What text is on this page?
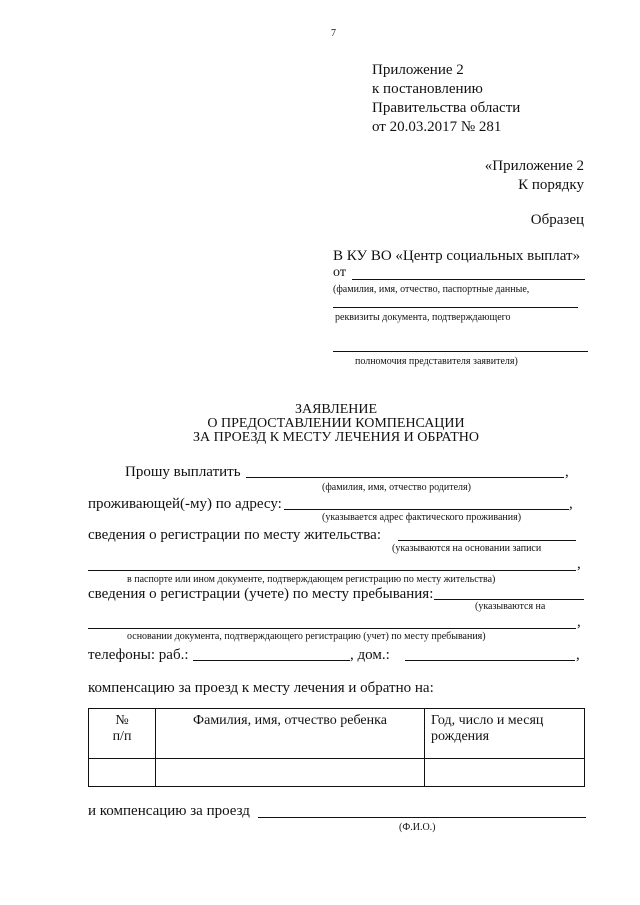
7
Приложение 2
к постановлению
Правительства области
от 20.03.2017 № 281
«Приложение 2
К порядку
Образец
В КУ ВО «Центр социальных выплат»
от
(фамилия, имя, отчество, паспортные данные,
реквизиты документа, подтверждающего
полномочия представителя заявителя)
ЗАЯВЛЕНИЕ
О ПРЕДОСТАВЛЕНИИ КОМПЕНСАЦИИ
ЗА ПРОЕЗД К МЕСТУ ЛЕЧЕНИЯ И ОБРАТНО
Прошу выплатить	,
(фамилия, имя, отчество родителя)
проживающей(-му) по адресу:	,
(указывается адрес фактического проживания)
сведения о регистрации по месту жительства:
(указываются на основании записи
,
в паспорте или ином документе, подтверждающем регистрацию по месту жительства)
сведения о регистрации (учете) по месту пребывания:
(указываются на
,
основании документа, подтверждающего регистрацию (учет) по месту пребывания)
телефоны: раб.:	, дом.:	,
компенсацию за проезд к месту лечения и обратно на:
№
п/п	Фамилия, имя, отчество ребенка	Год, число и месяц рождения

и компенсацию за проезд
(Ф.И.О.)
